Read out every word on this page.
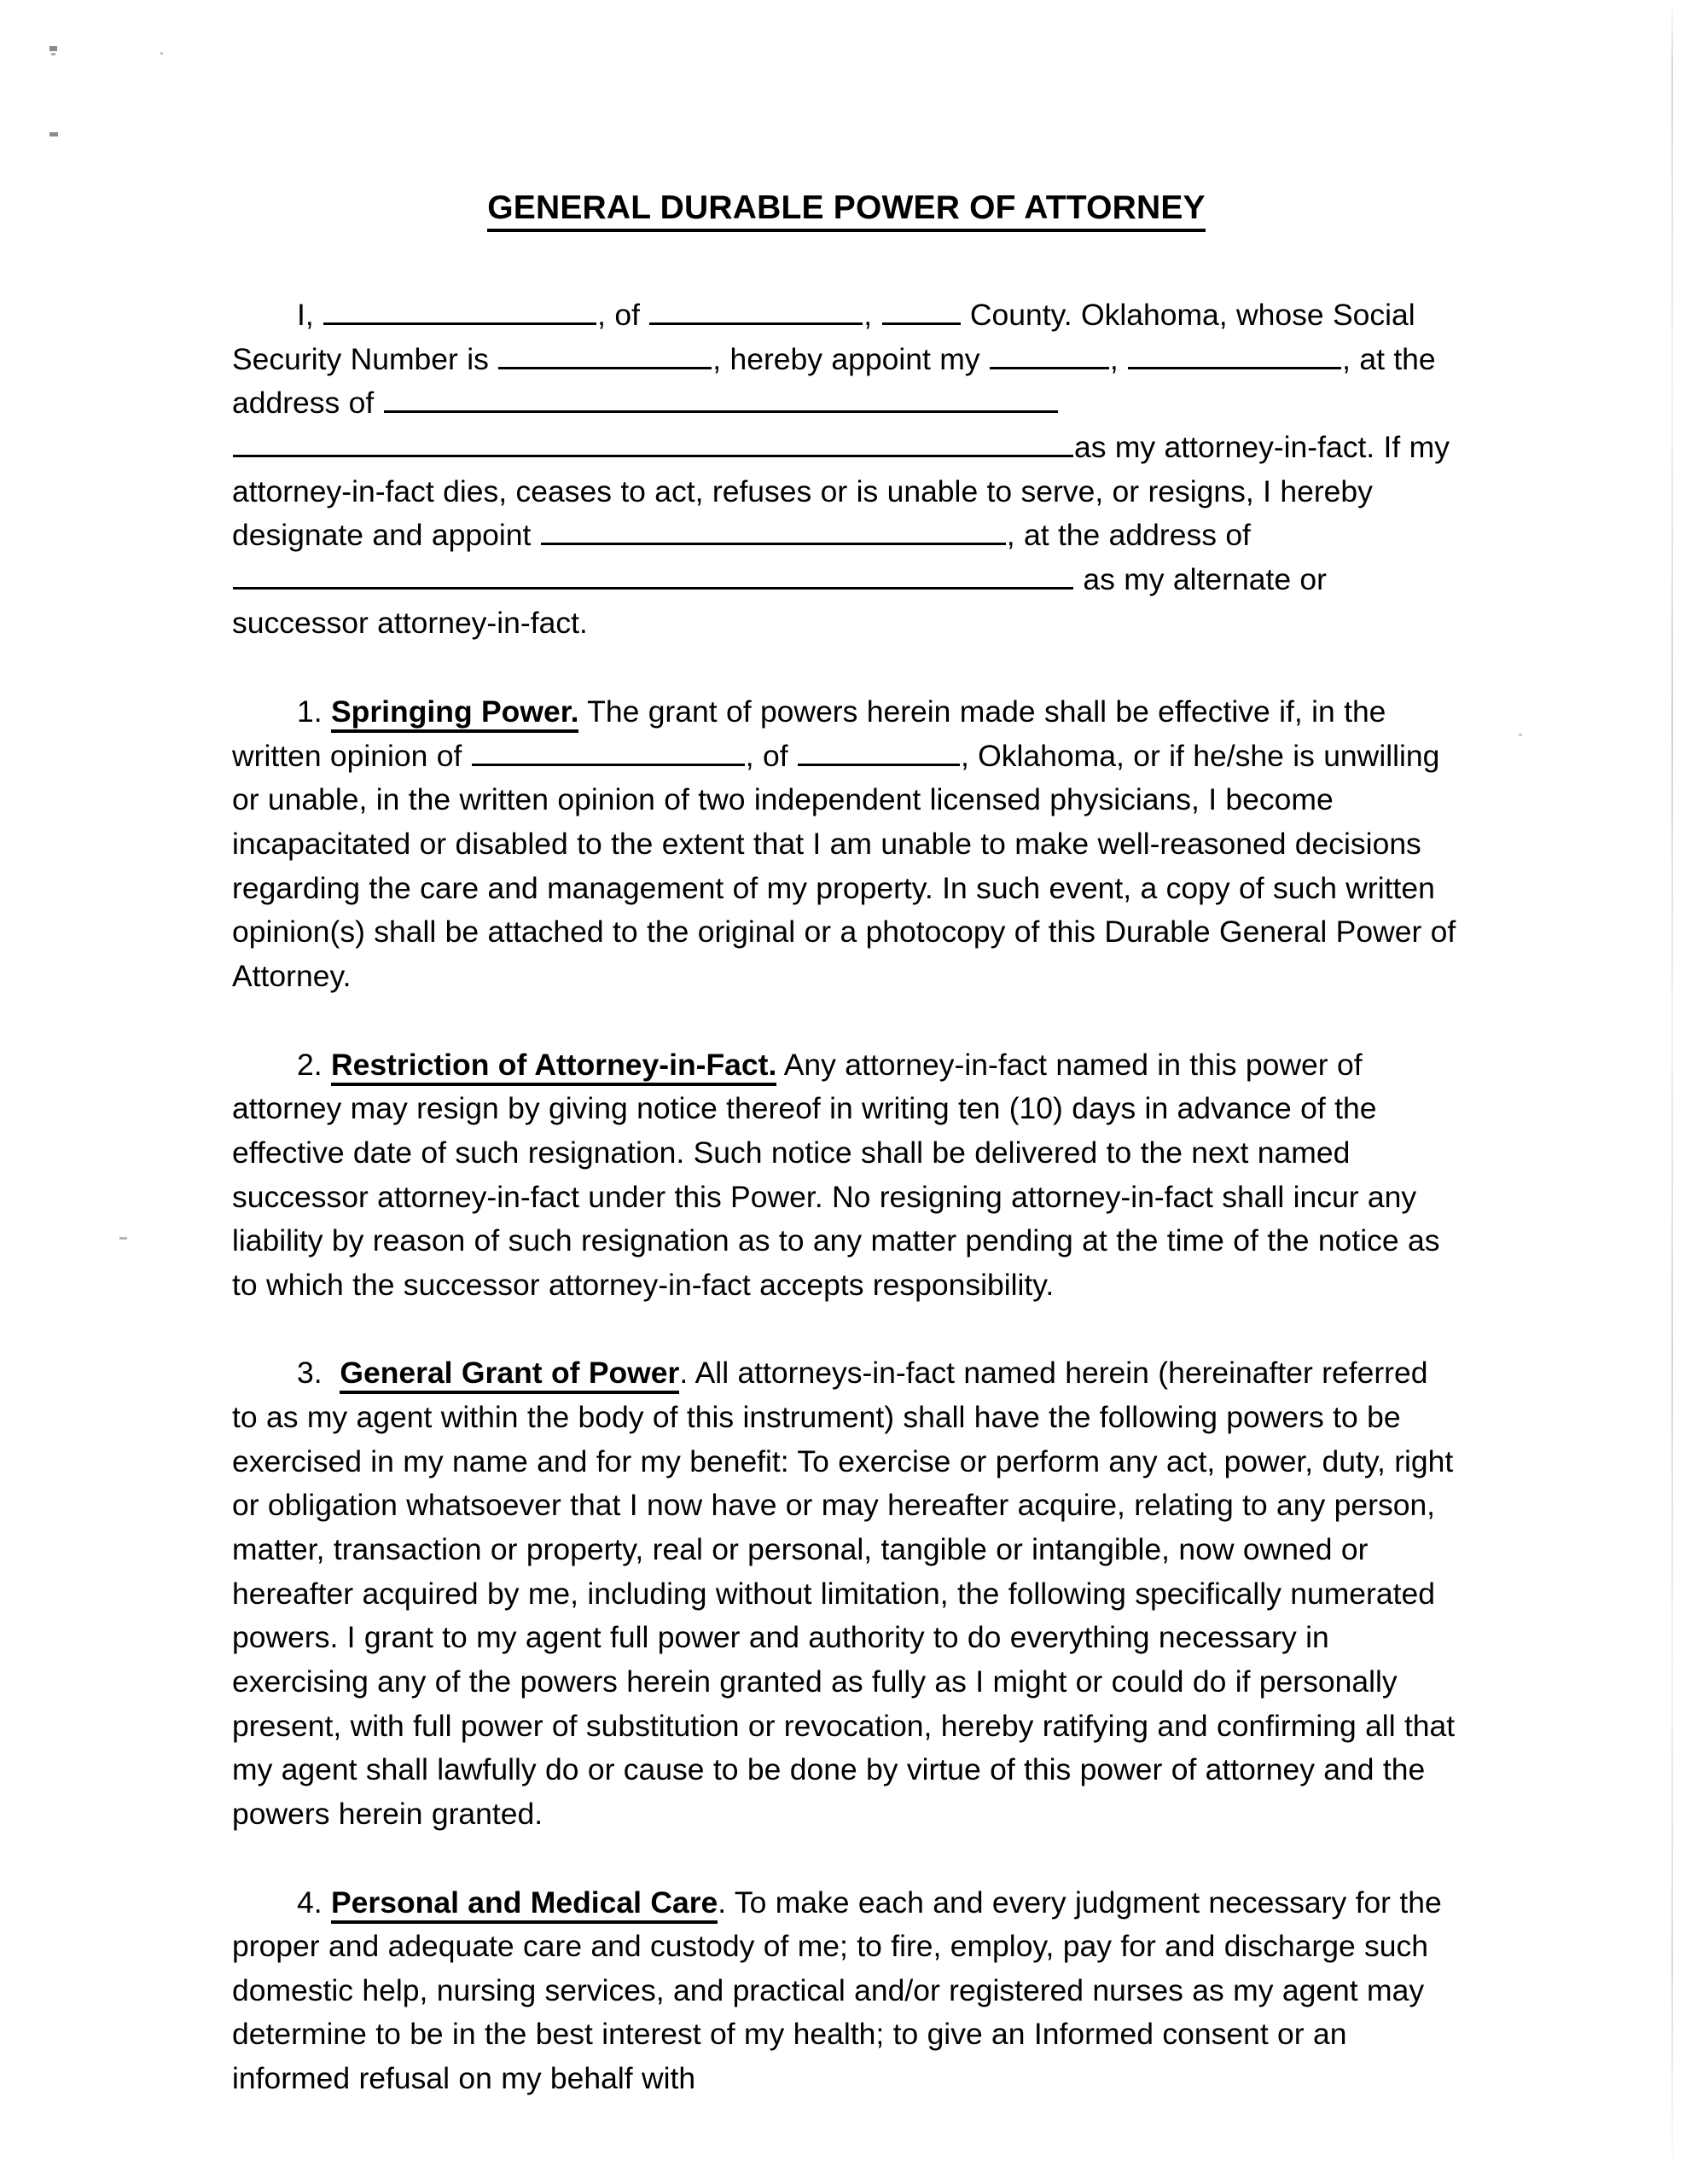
GENERAL DURABLE POWER OF ATTORNEY

I,	, of	,	County. Oklahoma, whose Social Security Number is	, hereby appoint my	,	, at the address of as my attorney-in-fact. If my attorney-in-fact dies, ceases to act, refuses or is unable to serve, or resigns, I hereby designate and appoint	, at the address of  as my alternate or successor attorney-in-fact.

1. Springing Power. The grant of powers herein made shall be effective if, in the written opinion of	, of	, Oklahoma, or if he/she is unwilling or unable, in the written opinion of two independent licensed physicians, I become incapacitated or disabled to the extent that I am unable to make well-reasoned decisions regarding the care and management of my property. In such event, a copy of such written opinion(s) shall be attached to the original or a photocopy of this Durable General Power of Attorney.

2. Restriction of Attorney-in-Fact. Any attorney-in-fact named in this power of attorney may resign by giving notice thereof in writing ten (10) days in advance of the effective date of such resignation. Such notice shall be delivered to the next named successor attorney-in-fact under this Power. No resigning attorney-in-fact shall incur any liability by reason of such resignation as to any matter pending at the time of the notice as to which the successor attorney-in-fact accepts responsibility.

3. General Grant of Power. All attorneys-in-fact named herein (hereinafter referred to as my agent within the body of this instrument) shall have the following powers to be exercised in my name and for my benefit: To exercise or perform any act, power, duty, right or obligation whatsoever that I now have or may hereafter acquire, relating to any person, matter, transaction or property, real or personal, tangible or intangible, now owned or hereafter acquired by me, including without limitation, the following specifically numerated powers. I grant to my agent full power and authority to do everything necessary in exercising any of the powers herein granted as fully as I might or could do if personally present, with full power of substitution or revocation, hereby ratifying and confirming all that my agent shall lawfully do or cause to be done by virtue of this power of attorney and the powers herein granted.

4. Personal and Medical Care. To make each and every judgment necessary for the proper and adequate care and custody of me; to fire, employ, pay for and discharge such domestic help, nursing services, and practical and/or registered nurses as my agent may determine to be in the best interest of my health; to give an Informed consent or an informed refusal on my behalf with
